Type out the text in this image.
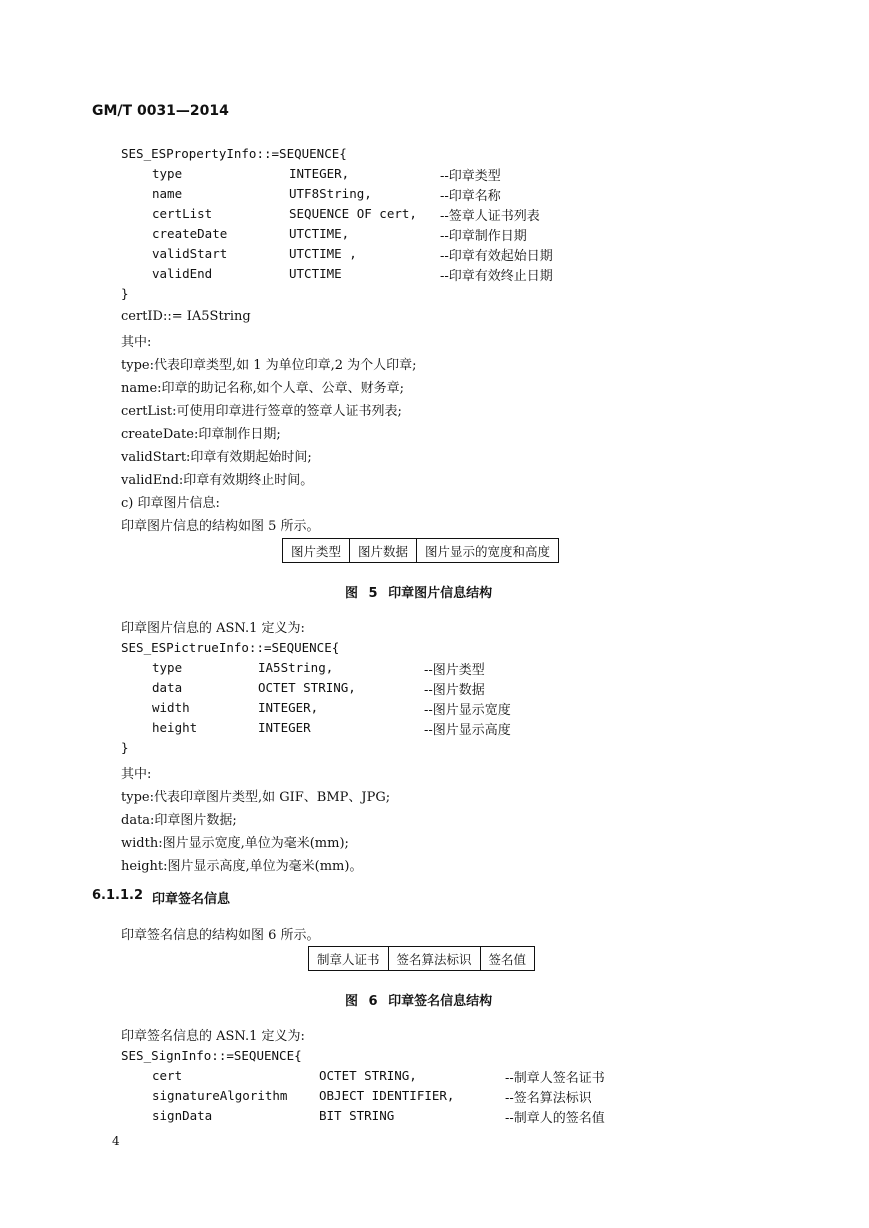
GM/T 0031—2014
SES_ESPropertyInfo::=SEQUENCE{
type	INTEGER,	--印章类型
name	UTF8String,	--印章名称
certList	SEQUENCE OF cert, --签章人证书列表
createDate	UTCTIME,	--印章制作日期
validStart	UTCTIME ,	--印章有效起始日期
validEnd	UTCTIME	--印章有效终止日期
}
certID::= IA5String
其中:
type:代表印章类型,如 1 为单位印章,2 为个人印章;
name:印章的助记名称,如个人章、公章、财务章;
certList:可使用印章进行签章的签章人证书列表;
createDate:印章制作日期;
validStart:印章有效期起始时间;
validEnd:印章有效期终止时间。
c) 印章图片信息:
印章图片信息的结构如图 5 所示。
图片类型	图片数据	图片显示的宽度和高度
图 5 印章图片信息结构
印章图片信息的 ASN.1 定义为:
SES_ESPictrueInfo::=SEQUENCE{
type	IA5String,	--图片类型
data	OCTET STRING,	--图片数据
width	INTEGER,	--图片显示宽度
height	INTEGER	--图片显示高度
}
其中:
type:代表印章图片类型,如 GIF、BMP、JPG;
data:印章图片数据;
width:图片显示宽度,单位为毫米(mm);
height:图片显示高度,单位为毫米(mm)。
6.1.1.2 印章签名信息
印章签名信息的结构如图 6 所示。
制章人证书	签名算法标识	签名值
图 6 印章签名信息结构
印章签名信息的 ASN.1 定义为:
SES_SignInfo::=SEQUENCE{
cert	OCTET STRING,	--制章人签名证书
signatureAlgorithm	OBJECT IDENTIFIER,	--签名算法标识
signData	BIT STRING	--制章人的签名值
4
